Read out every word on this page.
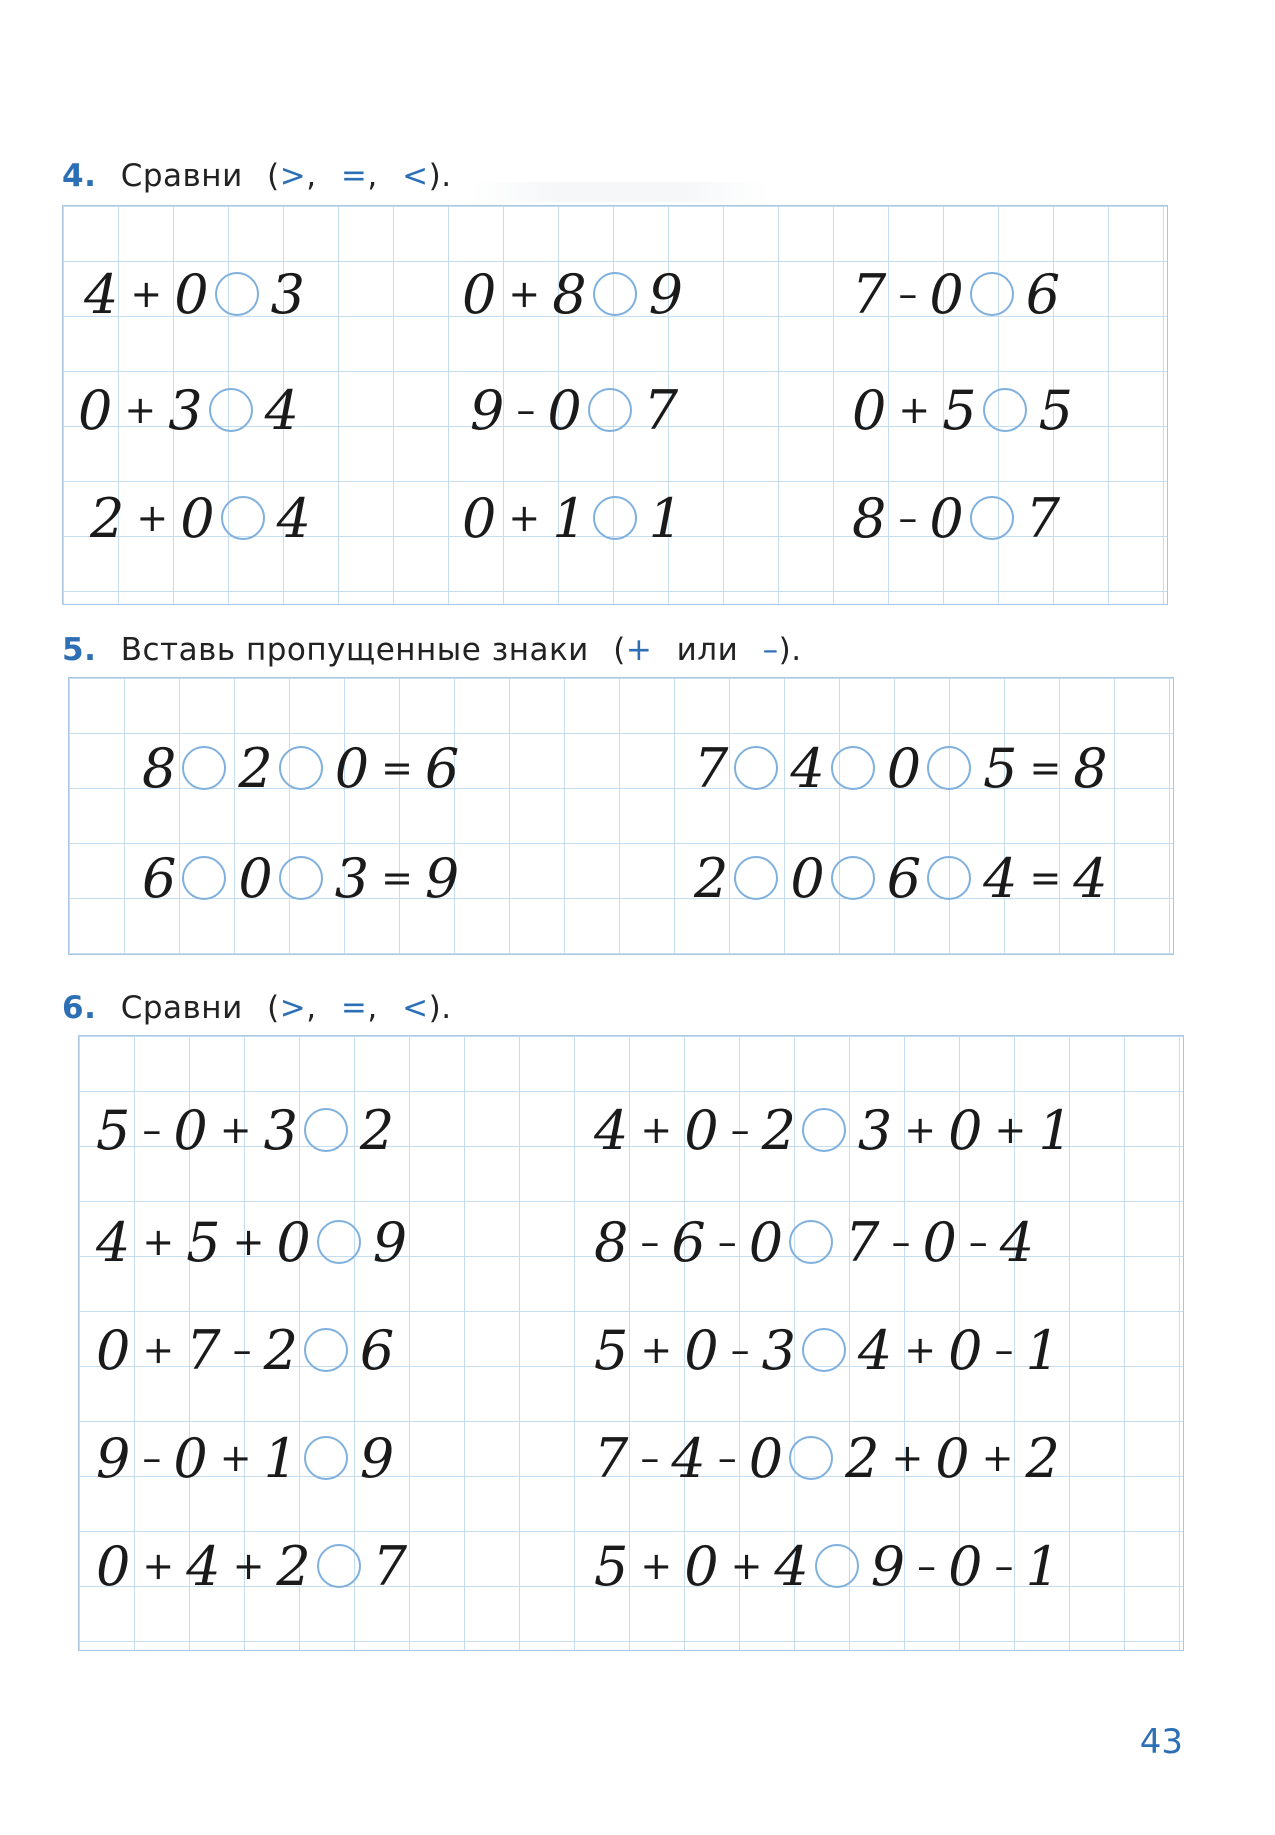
4. Сравни (>, =, <).
4 + 0 3	0 + 8 9	7 – 0 6
0 + 3 4	9 – 0 7	0 + 5 5
2 + 0 4	0 + 1 1	8 – 0 7
5. Вставь пропущенные знаки (+ или –).
8 2 0 = 6	7 4 0 5 = 8
6 0 3 = 9	2 0 6 4 = 4
6. Сравни (>, =, <).
5 – 0 + 3 2	4 + 0 – 2 3 + 0 + 1
4 + 5 + 0 9	8 – 6 – 0 7 – 0 – 4
0 + 7 – 2 6	5 + 0 – 3 4 + 0 – 1
9 – 0 + 1 9	7 – 4 – 0 2 + 0 + 2
0 + 4 + 2 7	5 + 0 + 4 9 – 0 – 1
43
